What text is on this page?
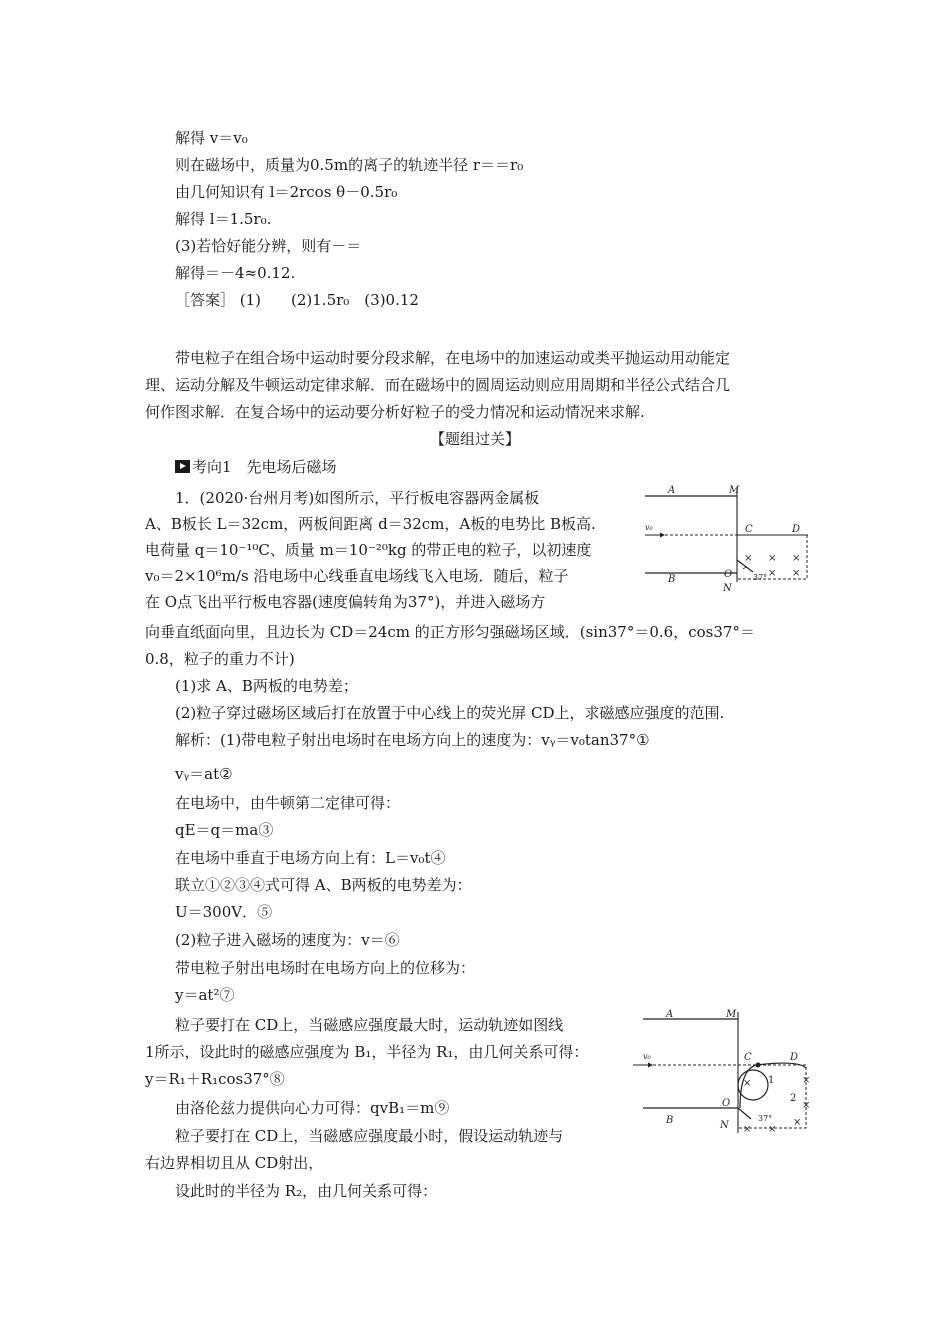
解得 v＝v₀
则在磁场中，质量为0.5m的离子的轨迹半径 r＝＝r₀
由几何知识有 l＝2rcos θ－0.5r₀
解得 l＝1.5r₀.
(3)若恰好能分辨，则有－＝
解得＝－4≈0.12.
［答案］ (1)　　(2)1.5r₀　(3)0.12
带电粒子在组合场中运动时要分段求解，在电场中的加速运动或类平抛运动用动能定
理、运动分解及牛顿运动定律求解．而在磁场中的圆周运动则应用周期和半径公式结合几
何作图求解．在复合场中的运动要分析好粒子的受力情况和运动情况来求解.
【题组过关】
考向1　先电场后磁场
1．(2020·台州月考)如图所示，平行板电容器两金属板
A、B板长 L＝32cm，两板间距离 d＝32cm，A板的电势比 B板高.
电荷量 q＝10⁻¹⁰C、质量 m＝10⁻²⁰kg 的带正电的粒子，以初速度
v₀＝2×10⁶m/s 沿电场中心线垂直电场线飞入电场．随后，粒子
在 O点飞出平行板电容器(速度偏转角为37°)，并进入磁场方
向垂直纸面向里，且边长为 CD＝24cm 的正方形匀强磁场区域．(sin37°＝0.6，cos37°＝
0.8，粒子的重力不计)
(1)求 A、B两板的电势差；
(2)粒子穿过磁场区域后打在放置于中心线上的荧光屏 CD上，求磁感应强度的范围.
解析：(1)带电粒子射出电场时在电场方向上的速度为：vᵧ＝v₀tan37°①
vᵧ＝at②
在电场中，由牛顿第二定律可得：
qE＝q＝ma③
在电场中垂直于电场方向上有：L＝v₀t④
联立①②③④式可得 A、B两板的电势差为：
U＝300V．⑤
(2)粒子进入磁场的速度为：v＝⑥
带电粒子射出电场时在电场方向上的位移为：
y＝at²⑦
粒子要打在 CD上，当磁感应强度最大时，运动轨迹如图线
1所示，设此时的磁感应强度为 B₁，半径为 R₁，由几何关系可得：
y＝R₁＋R₁cos37°⑧
由洛伦兹力提供向心力可得：qvB₁＝m⑨
粒子要打在 CD上，当磁感应强度最小时，假设运动轨迹与
右边界相切且从 CD射出，
设此时的半径为 R₂，由几何关系可得：
A	M
v₀	C	D
O
B
N
37°
× × ×
× ×
A	M
v₀	C	D
O
B	N
1
2
37°
×	×
×
×
×
×
